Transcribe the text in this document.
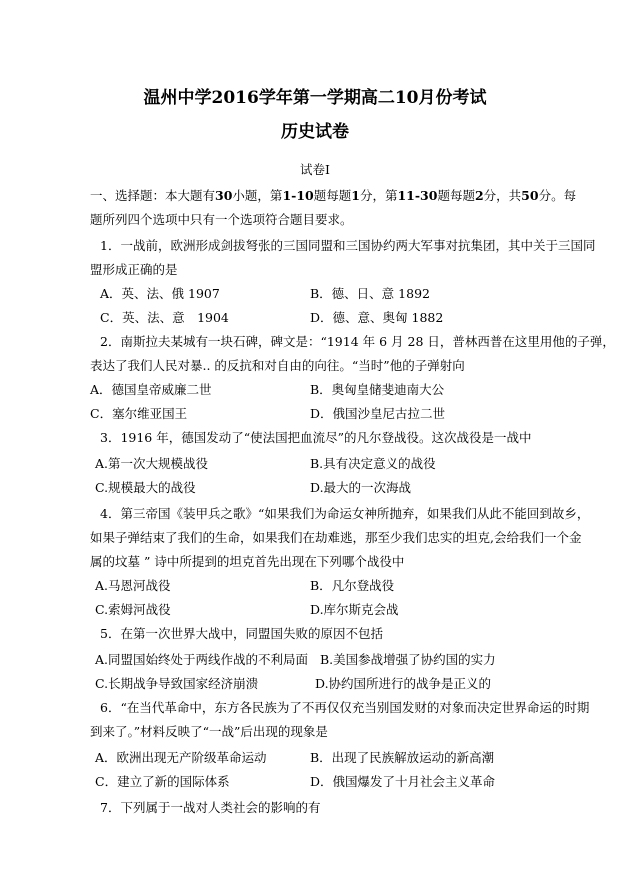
温州中学2016学年第一学期高二10月份考试
历史试卷
试卷Ⅰ
一、选择题：本大题有30小题，第1-10题每题1分，第11-30题每题2分，共50分。每
题所列四个选项中只有一个选项符合题目要求。
1．一战前，欧洲形成剑拔弩张的三国同盟和三国协约两大军事对抗集团，其中关于三国同
盟形成正确的是
A．英、法、俄 1907	B．德、日、意 1892
C．英、法、意　1904	D．德、意、奥匈 1882
2．南斯拉夫某城有一块石碑，碑文是：“1914 年 6 月 28 日，普林西普在这里用他的子弹，
表达了我们人民对暴.. 的反抗和对自由的向往。“当时”他的子弹射向
A．德国皇帝威廉二世	B．奥匈皇储斐迪南大公
C．塞尔维亚国王	D．俄国沙皇尼古拉二世
3．1916 年，德国发动了“使法国把血流尽”的凡尔登战役。这次战役是一战中
A.第一次大规模战役	B.具有决定意义的战役
C.规模最大的战役	D.最大的一次海战
4．第三帝国《装甲兵之歌》“如果我们为命运女神所抛弃，如果我们从此不能回到故乡，
如果子弹结束了我们的生命，如果我们在劫难逃，那至少我们忠实的坦克,会给我们一个金
属的坟墓 ” 诗中所提到的坦克首先出现在下列哪个战役中
A.马恩河战役	B．凡尔登战役
C.索姆河战役	D.库尔斯克会战
5．在第一次世界大战中，同盟国失败的原因不包括
A.同盟国始终处于两线作战的不利局面 B.美国参战增强了协约国的实力
C.长期战争导致国家经济崩溃	D.协约国所进行的战争是正义的
6．“在当代革命中，东方各民族为了不再仅仅充当别国发财的对象而决定世界命运的时期
到来了。”材料反映了“一战”后出现的现象是
A．欧洲出现无产阶级革命运动	B．出现了民族解放运动的新高潮
C．建立了新的国际体系	D．俄国爆发了十月社会主义革命
7．下列属于一战对人类社会的影响的有
